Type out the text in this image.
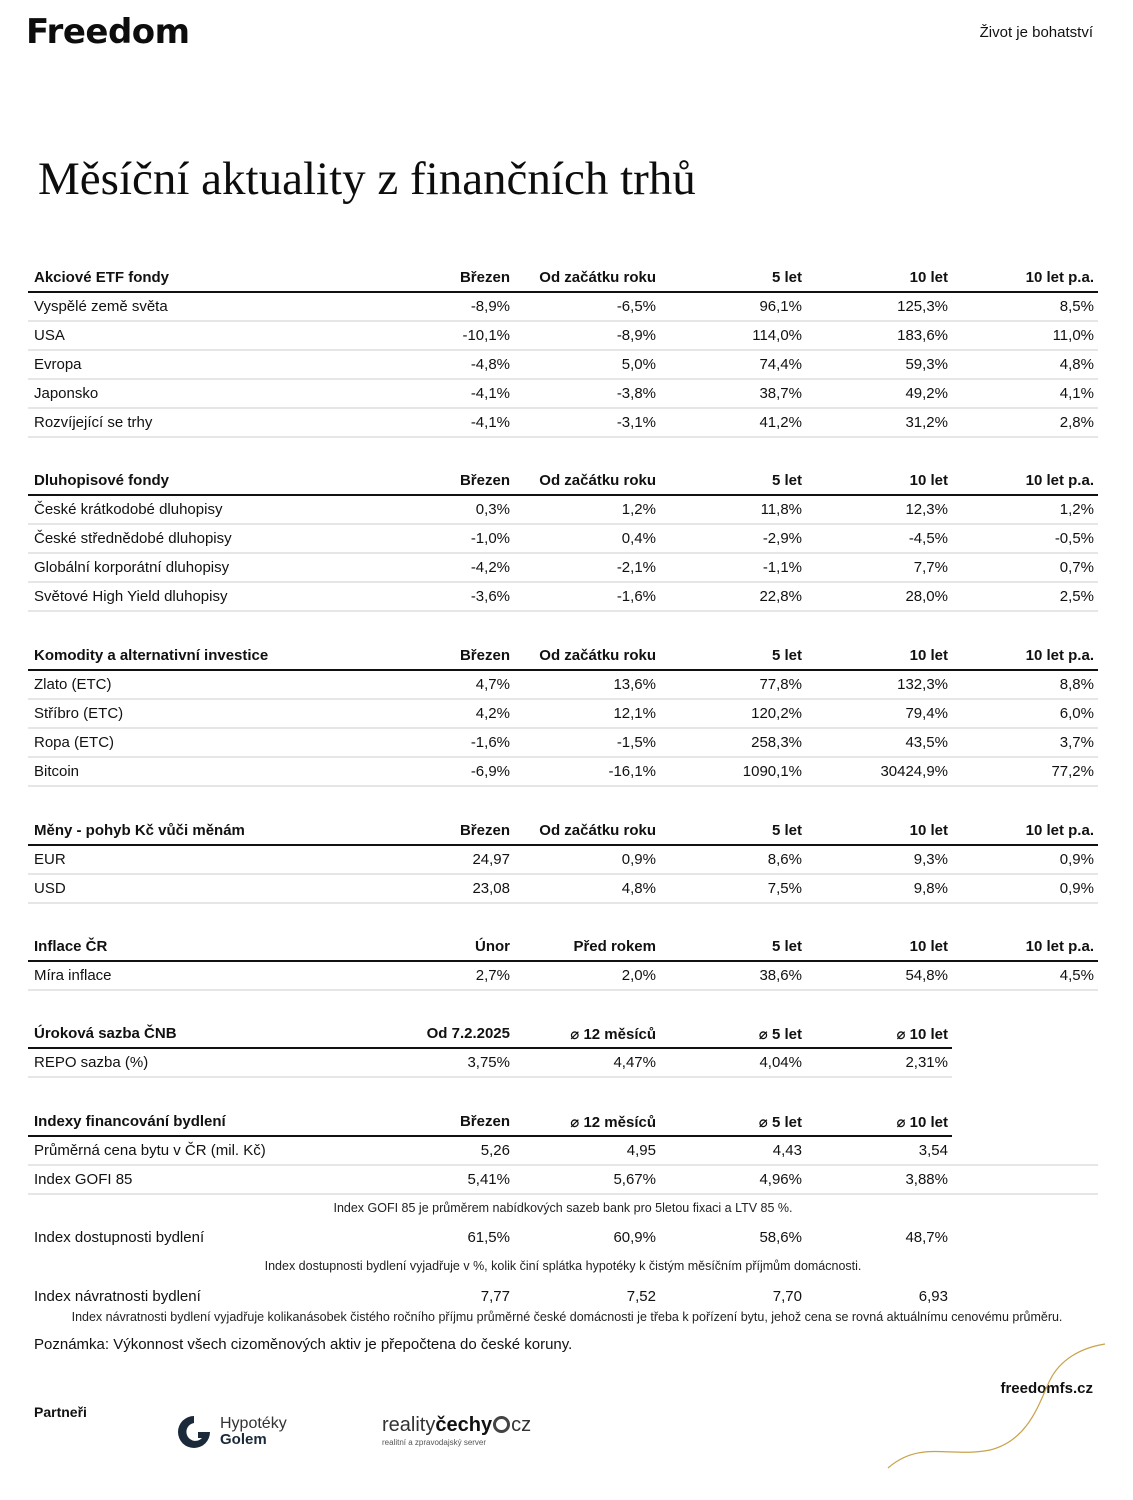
Freedom	Život je bohatství
Měsíční aktuality z finančních trhů
Akciové ETF fondy	Březen	Od začátku roku	5 let	10 let	10 let p.a.
Vyspělé země světa	-8,9%	-6,5%	96,1%	125,3%	8,5%
USA	-10,1%	-8,9%	114,0%	183,6%	11,0%
Evropa	-4,8%	5,0%	74,4%	59,3%	4,8%
Japonsko	-4,1%	-3,8%	38,7%	49,2%	4,1%
Rozvíjející se trhy	-4,1%	-3,1%	41,2%	31,2%	2,8%
Dluhopisové fondy	Březen	Od začátku roku	5 let	10 let	10 let p.a.
České krátkodobé dluhopisy	0,3%	1,2%	11,8%	12,3%	1,2%
České střednědobé dluhopisy	-1,0%	0,4%	-2,9%	-4,5%	-0,5%
Globální korporátní dluhopisy	-4,2%	-2,1%	-1,1%	7,7%	0,7%
Světové High Yield dluhopisy	-3,6%	-1,6%	22,8%	28,0%	2,5%
Komodity a alternativní investice	Březen	Od začátku roku	5 let	10 let	10 let p.a.
Zlato (ETC)	4,7%	13,6%	77,8%	132,3%	8,8%
Stříbro (ETC)	4,2%	12,1%	120,2%	79,4%	6,0%
Ropa (ETC)	-1,6%	-1,5%	258,3%	43,5%	3,7%
Bitcoin	-6,9%	-16,1%	1090,1%	30424,9%	77,2%
Měny - pohyb Kč vůči měnám	Březen	Od začátku roku	5 let	10 let	10 let p.a.
EUR	24,97	0,9%	8,6%	9,3%	0,9%
USD	23,08	4,8%	7,5%	9,8%	0,9%
Inflace ČR	Únor	Před rokem	5 let	10 let	10 let p.a.
Míra inflace	2,7%	2,0%	38,6%	54,8%	4,5%
Úroková sazba ČNB	Od 7.2.2025	⌀ 12 měsíců	⌀ 5 let	⌀ 10 let
REPO sazba (%)	3,75%	4,47%	4,04%	2,31%
Indexy financování bydlení	Březen	⌀ 12 měsíců	⌀ 5 let	⌀ 10 let
Průměrná cena bytu v ČR (mil. Kč)	5,26	4,95	4,43	3,54
Index GOFI 85	5,41%	5,67%	4,96%	3,88%
Index GOFI 85 je průměrem nabídkových sazeb bank pro 5letou fixaci a LTV 85 %.
Index dostupnosti bydlení	61,5%	60,9%	58,6%	48,7%
Index dostupnosti bydlení vyjadřuje v %, kolik činí splátka hypotéky k čistým měsíčním příjmům domácnosti.
Index návratnosti bydlení	7,77	7,52	7,70	6,93
Index návratnosti bydlení vyjadřuje kolikanásobek čistého ročního příjmu průměrné české domácnosti je třeba k pořízení bytu, jehož cena se rovná aktuálnímu cenovému průměru.
Poznámka: Výkonnost všech cizoměnových aktiv je přepočtena do české koruny.
freedomfs.cz
Partneři
Hypotéky
Golem
realityčechy cz
realitní a zpravodajský server
